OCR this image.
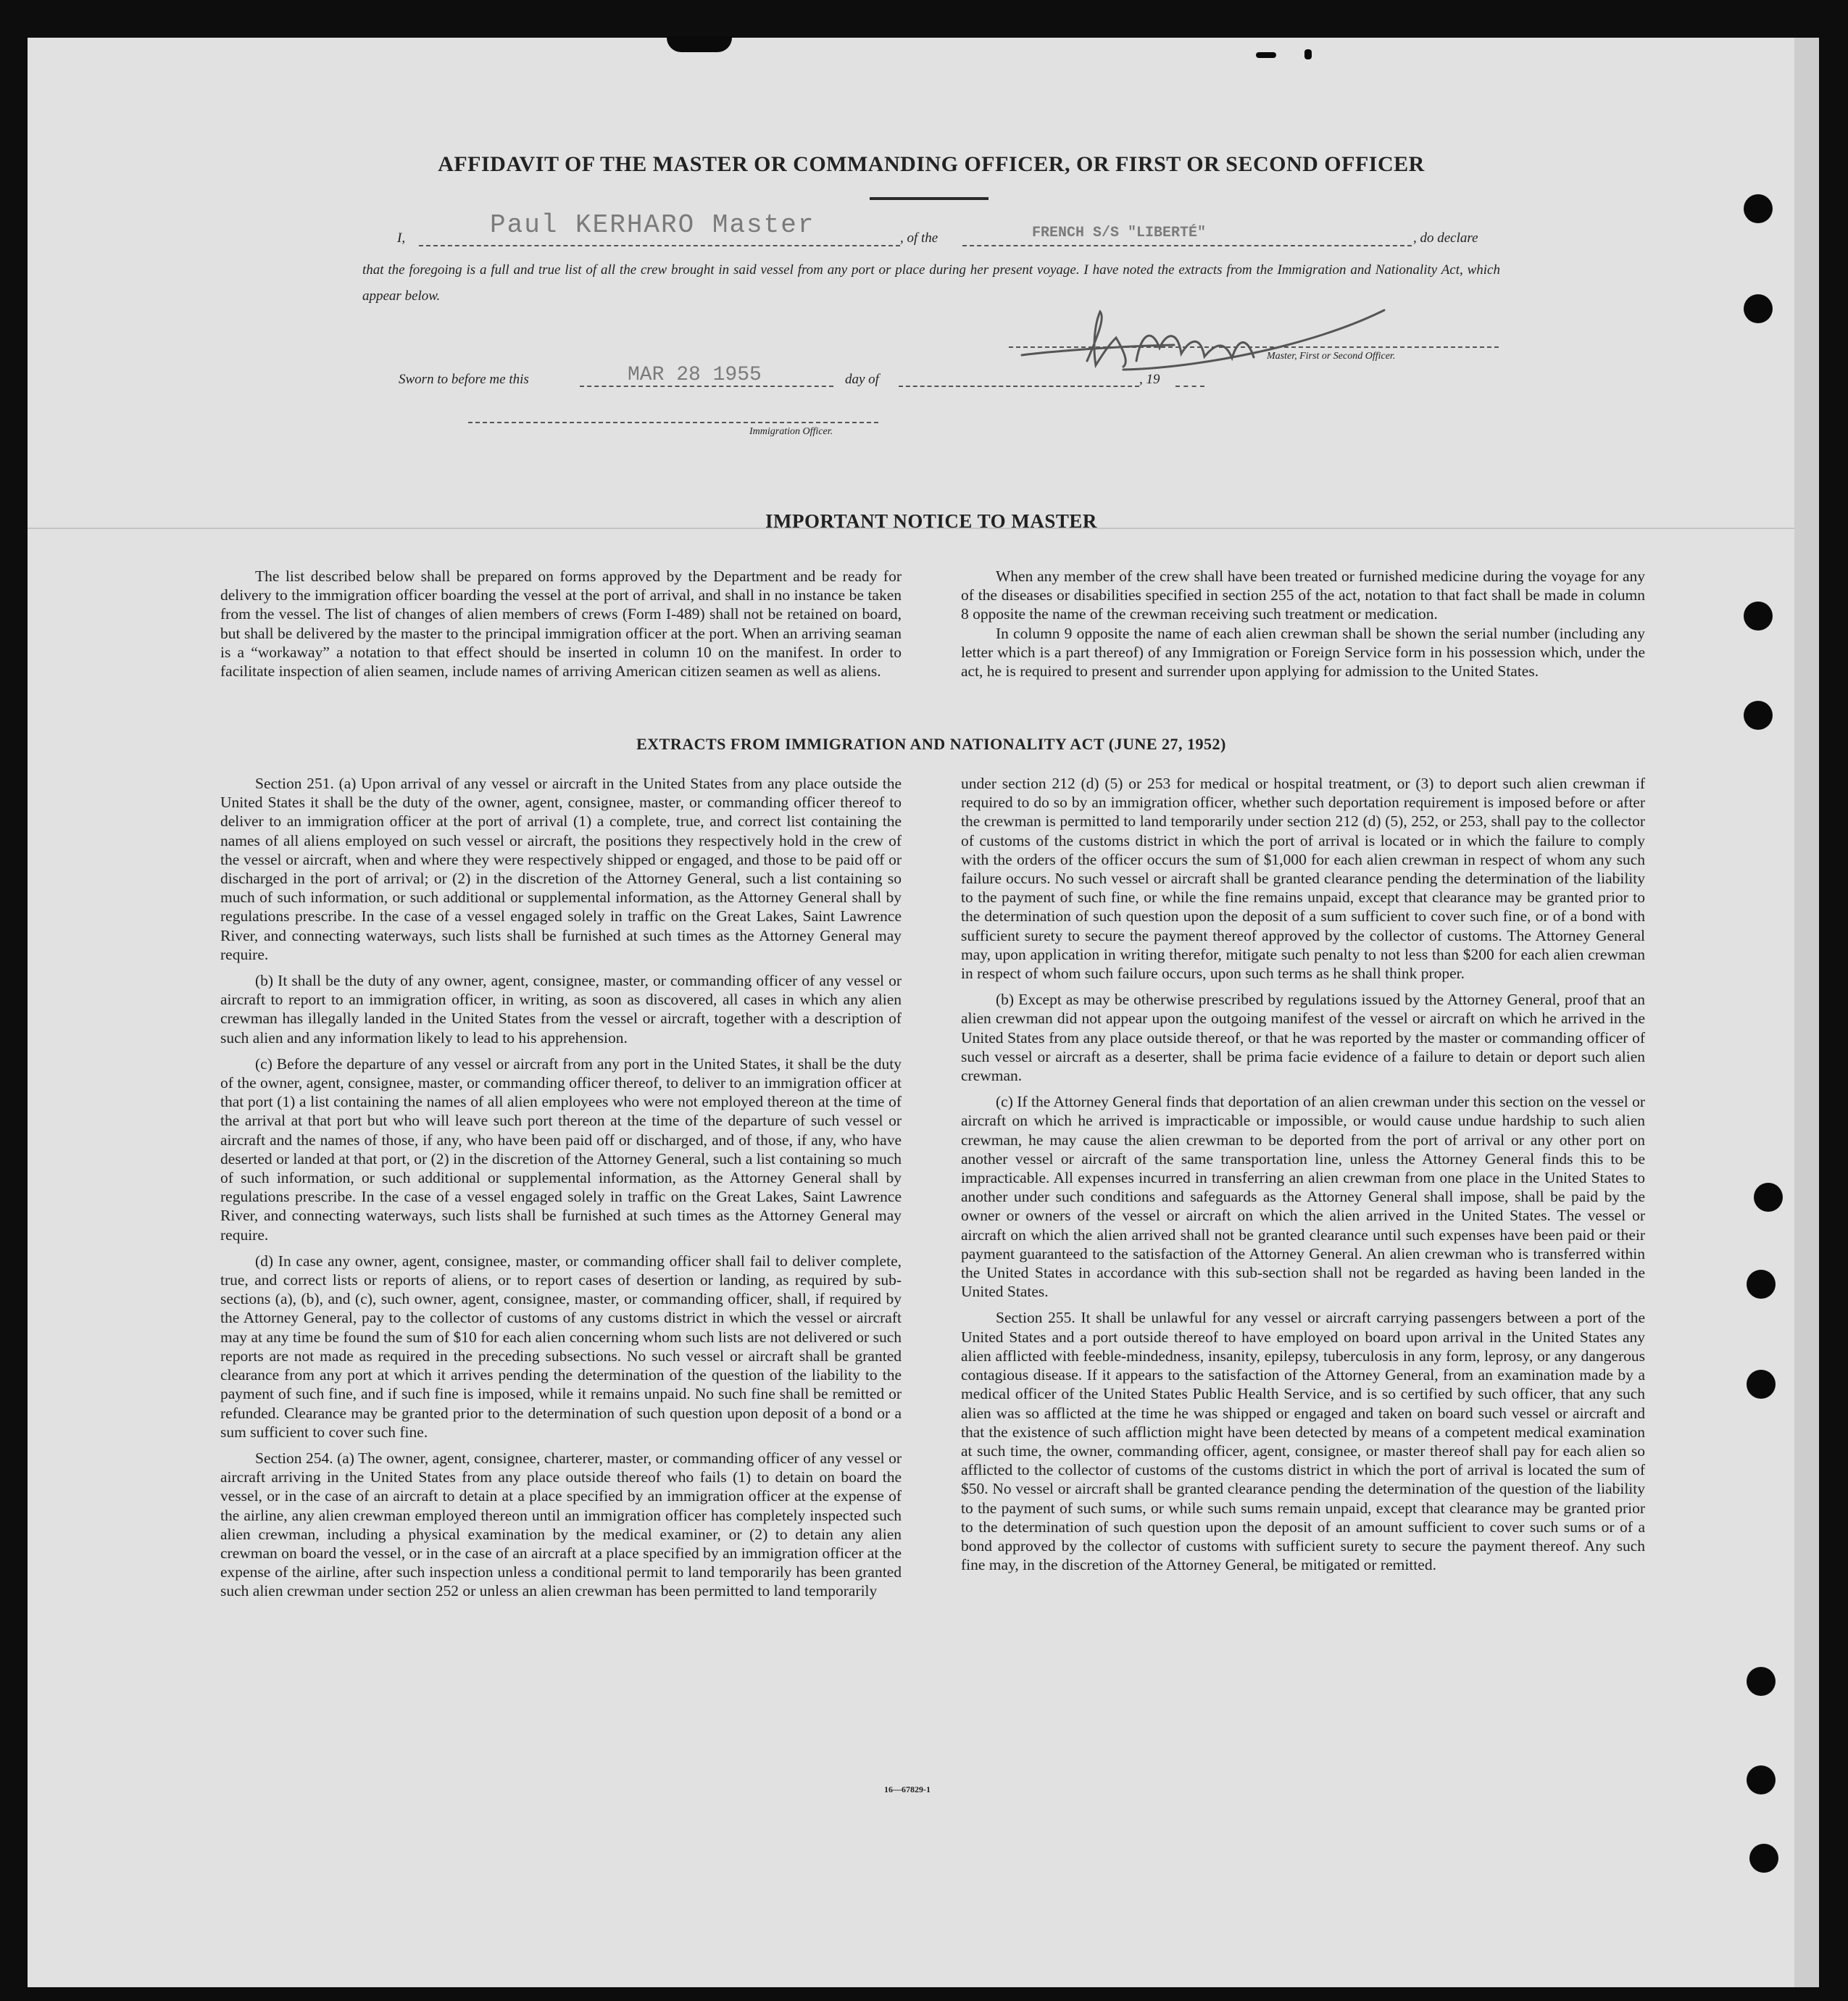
AFFIDAVIT OF THE MASTER OR COMMANDING OFFICER, OR FIRST OR SECOND OFFICER
I,	Paul KERHARO Master	, of the	FRENCH S/S "LIBERTÉ"	, do declare
that the foregoing is a full and true list of all the crew brought in said vessel from any port or place during her present voyage. I have noted the extracts from the Immigration and Nationality Act, which appear below.
Master, First or Second Officer.
Sworn to before me this	MAR 28 1955	day of	, 19
Immigration Officer.
IMPORTANT NOTICE TO MASTER

The list described below shall be prepared on forms approved by the Department and be ready for delivery to the immigration officer boarding the vessel at the port of arrival, and shall in no instance be taken from the vessel. The list of changes of alien members of crews (Form I-489) shall not be retained on board, but shall be delivered by the master to the principal immigration officer at the port. When an arriving seaman is a “workaway” a notation to that effect should be inserted in column 10 on the manifest. In order to facilitate inspection of alien seamen, include names of arriving American citizen seamen as well as aliens.

When any member of the crew shall have been treated or furnished medicine during the voyage for any of the diseases or disabilities specified in section 255 of the act, notation to that fact shall be made in column 8 opposite the name of the crewman receiving such treatment or medication.

In column 9 opposite the name of each alien crewman shall be shown the serial number (including any letter which is a part thereof) of any Immigration or Foreign Service form in his possession which, under the act, he is required to present and surrender upon applying for admission to the United States.

EXTRACTS FROM IMMIGRATION AND NATIONALITY ACT (JUNE 27, 1952)

Section 251. (a) Upon arrival of any vessel or aircraft in the United States from any place outside the United States it shall be the duty of the owner, agent, consignee, master, or commanding officer thereof to deliver to an immigration officer at the port of arrival (1) a complete, true, and correct list containing the names of all aliens employed on such vessel or aircraft, the positions they respectively hold in the crew of the vessel or aircraft, when and where they were respectively shipped or engaged, and those to be paid off or discharged in the port of arrival; or (2) in the discretion of the Attorney General, such a list containing so much of such information, or such additional or supplemental information, as the Attorney General shall by regulations prescribe. In the case of a vessel engaged solely in traffic on the Great Lakes, Saint Lawrence River, and connecting waterways, such lists shall be furnished at such times as the Attorney General may require.

(b) It shall be the duty of any owner, agent, consignee, master, or commanding officer of any vessel or aircraft to report to an immigration officer, in writing, as soon as discovered, all cases in which any alien crewman has illegally landed in the United States from the vessel or aircraft, together with a description of such alien and any information likely to lead to his apprehension.

(c) Before the departure of any vessel or aircraft from any port in the United States, it shall be the duty of the owner, agent, consignee, master, or commanding officer thereof, to deliver to an immigration officer at that port (1) a list containing the names of all alien employees who were not employed thereon at the time of the arrival at that port but who will leave such port thereon at the time of the departure of such vessel or aircraft and the names of those, if any, who have been paid off or discharged, and of those, if any, who have deserted or landed at that port, or (2) in the discretion of the Attorney General, such a list containing so much of such information, or such additional or supplemental information, as the Attorney General shall by regulations prescribe. In the case of a vessel engaged solely in traffic on the Great Lakes, Saint Lawrence River, and connecting waterways, such lists shall be furnished at such times as the Attorney General may require.

(d) In case any owner, agent, consignee, master, or commanding officer shall fail to deliver complete, true, and correct lists or reports of aliens, or to report cases of desertion or landing, as required by sub-sections (a), (b), and (c), such owner, agent, consignee, master, or commanding officer, shall, if required by the Attorney General, pay to the collector of customs of any customs district in which the vessel or aircraft may at any time be found the sum of $10 for each alien concerning whom such lists are not delivered or such reports are not made as required in the preceding subsections. No such vessel or aircraft shall be granted clearance from any port at which it arrives pending the determination of the question of the liability to the payment of such fine, and if such fine is imposed, while it remains unpaid. No such fine shall be remitted or refunded. Clearance may be granted prior to the determination of such question upon deposit of a bond or a sum sufficient to cover such fine.

Section 254. (a) The owner, agent, consignee, charterer, master, or commanding officer of any vessel or aircraft arriving in the United States from any place outside thereof who fails (1) to detain on board the vessel, or in the case of an aircraft to detain at a place specified by an immigration officer at the expense of the airline, any alien crewman employed thereon until an immigration officer has completely inspected such alien crewman, including a physical examination by the medical examiner, or (2) to detain any alien crewman on board the vessel, or in the case of an aircraft at a place specified by an immigration officer at the expense of the airline, after such inspection unless a conditional permit to land temporarily has been granted such alien crewman under section 252 or unless an alien crewman has been permitted to land temporarily

under section 212 (d) (5) or 253 for medical or hospital treatment, or (3) to deport such alien crewman if required to do so by an immigration officer, whether such deportation requirement is imposed before or after the crewman is permitted to land temporarily under section 212 (d) (5), 252, or 253, shall pay to the collector of customs of the customs district in which the port of arrival is located or in which the failure to comply with the orders of the officer occurs the sum of $1,000 for each alien crewman in respect of whom any such failure occurs. No such vessel or aircraft shall be granted clearance pending the determination of the liability to the payment of such fine, or while the fine remains unpaid, except that clearance may be granted prior to the determination of such question upon the deposit of a sum sufficient to cover such fine, or of a bond with sufficient surety to secure the payment thereof approved by the collector of customs. The Attorney General may, upon application in writing therefor, mitigate such penalty to not less than $200 for each alien crewman in respect of whom such failure occurs, upon such terms as he shall think proper.

(b) Except as may be otherwise prescribed by regulations issued by the Attorney General, proof that an alien crewman did not appear upon the outgoing manifest of the vessel or aircraft on which he arrived in the United States from any place outside thereof, or that he was reported by the master or commanding officer of such vessel or aircraft as a deserter, shall be prima facie evidence of a failure to detain or deport such alien crewman.

(c) If the Attorney General finds that deportation of an alien crewman under this section on the vessel or aircraft on which he arrived is impracticable or impossible, or would cause undue hardship to such alien crewman, he may cause the alien crewman to be deported from the port of arrival or any other port on another vessel or aircraft of the same transportation line, unless the Attorney General finds this to be impracticable. All expenses incurred in transferring an alien crewman from one place in the United States to another under such conditions and safeguards as the Attorney General shall impose, shall be paid by the owner or owners of the vessel or aircraft on which the alien arrived in the United States. The vessel or aircraft on which the alien arrived shall not be granted clearance until such expenses have been paid or their payment guaranteed to the satisfaction of the Attorney General. An alien crewman who is transferred within the United States in accordance with this sub-section shall not be regarded as having been landed in the United States.

Section 255. It shall be unlawful for any vessel or aircraft carrying passengers between a port of the United States and a port outside thereof to have employed on board upon arrival in the United States any alien afflicted with feeble-mindedness, insanity, epilepsy, tuberculosis in any form, leprosy, or any dangerous contagious disease. If it appears to the satisfaction of the Attorney General, from an examination made by a medical officer of the United States Public Health Service, and is so certified by such officer, that any such alien was so afflicted at the time he was shipped or engaged and taken on board such vessel or aircraft and that the existence of such affliction might have been detected by means of a competent medical examination at such time, the owner, commanding officer, agent, consignee, or master thereof shall pay for each alien so afflicted to the collector of customs of the customs district in which the port of arrival is located the sum of $50. No vessel or aircraft shall be granted clearance pending the determination of the question of the liability to the payment of such sums, or while such sums remain unpaid, except that clearance may be granted prior to the determination of such question upon the deposit of an amount sufficient to cover such sums or of a bond approved by the collector of customs with sufficient surety to secure the payment thereof. Any such fine may, in the discretion of the Attorney General, be mitigated or remitted.

16—67829-1
